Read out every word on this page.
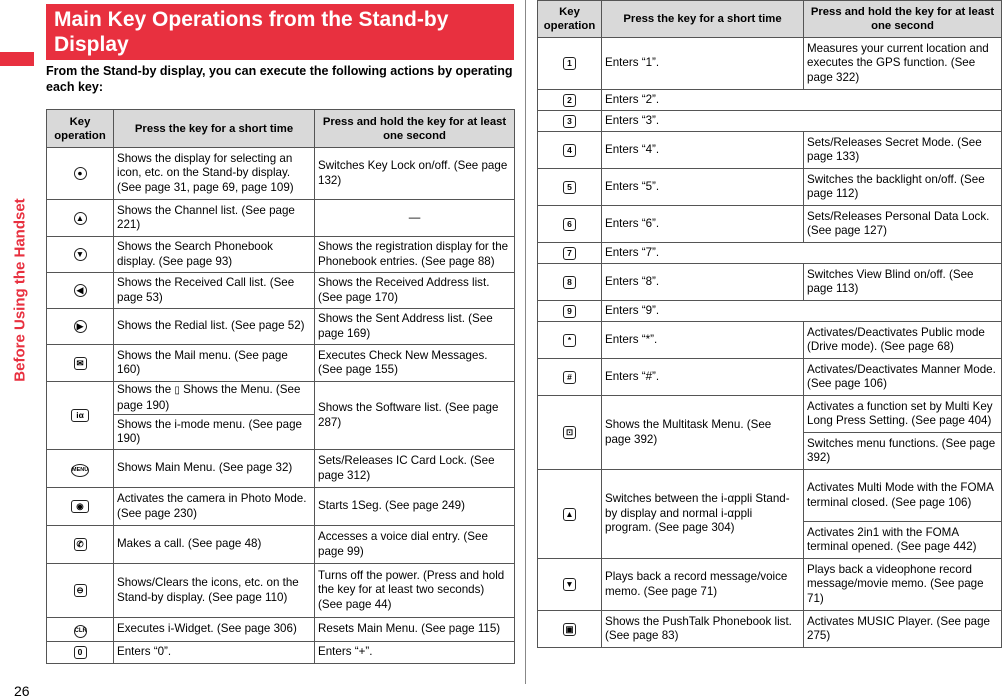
Before Using the Handset
26
Main Key Operations from the Stand-by Display
From the Stand-by display, you can execute the following actions by operating each key:
Key operation	Press the key for a short time	Press and hold the key for at least one second
●	Shows the display for selecting an icon, etc. on the Stand-by display. (See page 31, page 69, page 109)	Switches Key Lock on/off. (See page 132)
▲	Shows the Channel list. (See page 221)	—
▼	Shows the Search Phonebook display. (See page 93)	Shows the registration display for the Phonebook entries. (See page 88)
◀	Shows the Received Call list. (See page 53)	Shows the Received Address list. (See page 170)
▶	Shows the Redial list. (See page 52)	Shows the Sent Address list. (See page 169)
✉	Shows the Mail menu. (See page 160)	Executes Check New Messages. (See page 155)
iα	Shows the ▯ Shows the Menu. (See page 190)	Shows the Software list. (See page 287)
	Shows the i-mode menu. (See page 190)	
MENU	Shows Main Menu. (See page 32)	Sets/Releases IC Card Lock. (See page 312)
◉	Activates the camera in Photo Mode. (See page 230)	Starts 1Seg. (See page 249)
✆	Makes a call. (See page 48)	Accesses a voice dial entry. (See page 99)
⊖	Shows/Clears the icons, etc. on the Stand-by display. (See page 110)	Turns off the power. (Press and hold the key for at least two seconds) (See page 44)
CLR	Executes i-Widget. (See page 306)	Resets Main Menu. (See page 115)
0	Enters “0”.	Enters “+”.
Key operation	Press the key for a short time	Press and hold the key for at least one second
1	Enters “1”.	Measures your current location and executes the GPS function. (See page 322)
2	Enters “2”.	
3	Enters “3”.	
4	Enters “4”.	Sets/Releases Secret Mode. (See page 133)
5	Enters “5”.	Switches the backlight on/off. (See page 112)
6	Enters “6”.	Sets/Releases Personal Data Lock. (See page 127)
7	Enters “7”.	
8	Enters “8”.	Switches View Blind on/off. (See page 113)
9	Enters “9”.	
*	Enters “*”.	Activates/Deactivates Public mode (Drive mode). (See page 68)
#	Enters “#”.	Activates/Deactivates Manner Mode. (See page 106)
⊡	Shows the Multitask Menu. (See page 392)	Activates a function set by Multi Key Long Press Setting. (See page 404)
		Switches menu functions. (See page 392)
▲	Switches between the i-αppli Stand-by display and normal i-αppli program. (See page 304)	Activates Multi Mode with the FOMA terminal closed. (See page 106)
		Activates 2in1 with the FOMA terminal opened. (See page 442)
▼	Plays back a record message/voice memo. (See page 71)	Plays back a videophone record message/movie memo. (See page 71)
▣	Shows the PushTalk Phonebook list. (See page 83)	Activates MUSIC Player. (See page 275)
